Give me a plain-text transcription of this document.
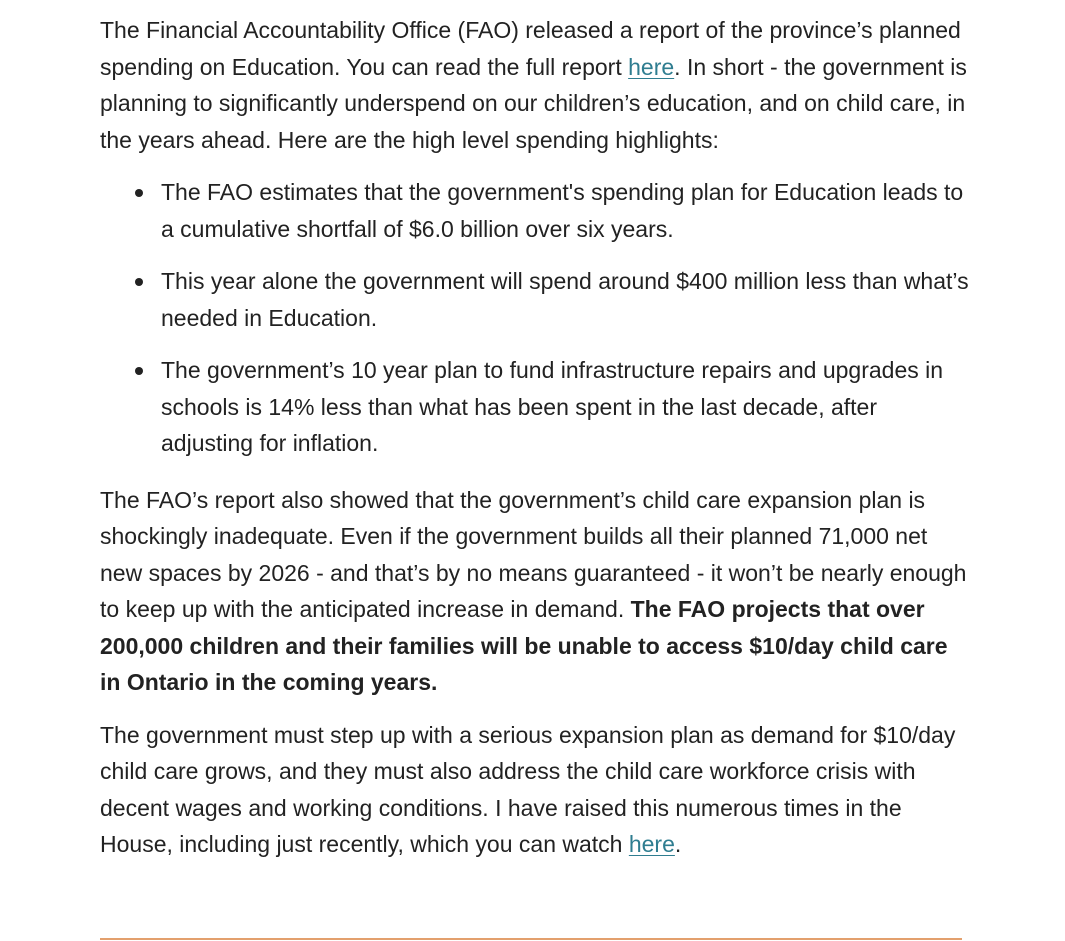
The Financial Accountability Office (FAO) released a report of the province’s planned spending on Education. You can read the full report here. In short - the government is planning to significantly underspend on our children’s education, and on child care, in the years ahead. Here are the high level spending highlights:

The FAO estimates that the government's spending plan for Education leads to a cumulative shortfall of $6.0 billion over six years.
This year alone the government will spend around $400 million less than what’s needed in Education.
The government’s 10 year plan to fund infrastructure repairs and upgrades in schools is 14% less than what has been spent in the last decade, after adjusting for inflation.

The FAO’s report also showed that the government’s child care expansion plan is shockingly inadequate. Even if the government builds all their planned 71,000 net new spaces by 2026 - and that’s by no means guaranteed - it won’t be nearly enough to keep up with the anticipated increase in demand. The FAO projects that over 200,000 children and their families will be unable to access $10/day child care in Ontario in the coming years.

The government must step up with a serious expansion plan as demand for $10/day child care grows, and they must also address the child care workforce crisis with decent wages and working conditions. I have raised this numerous times in the House, including just recently, which you can watch here.
